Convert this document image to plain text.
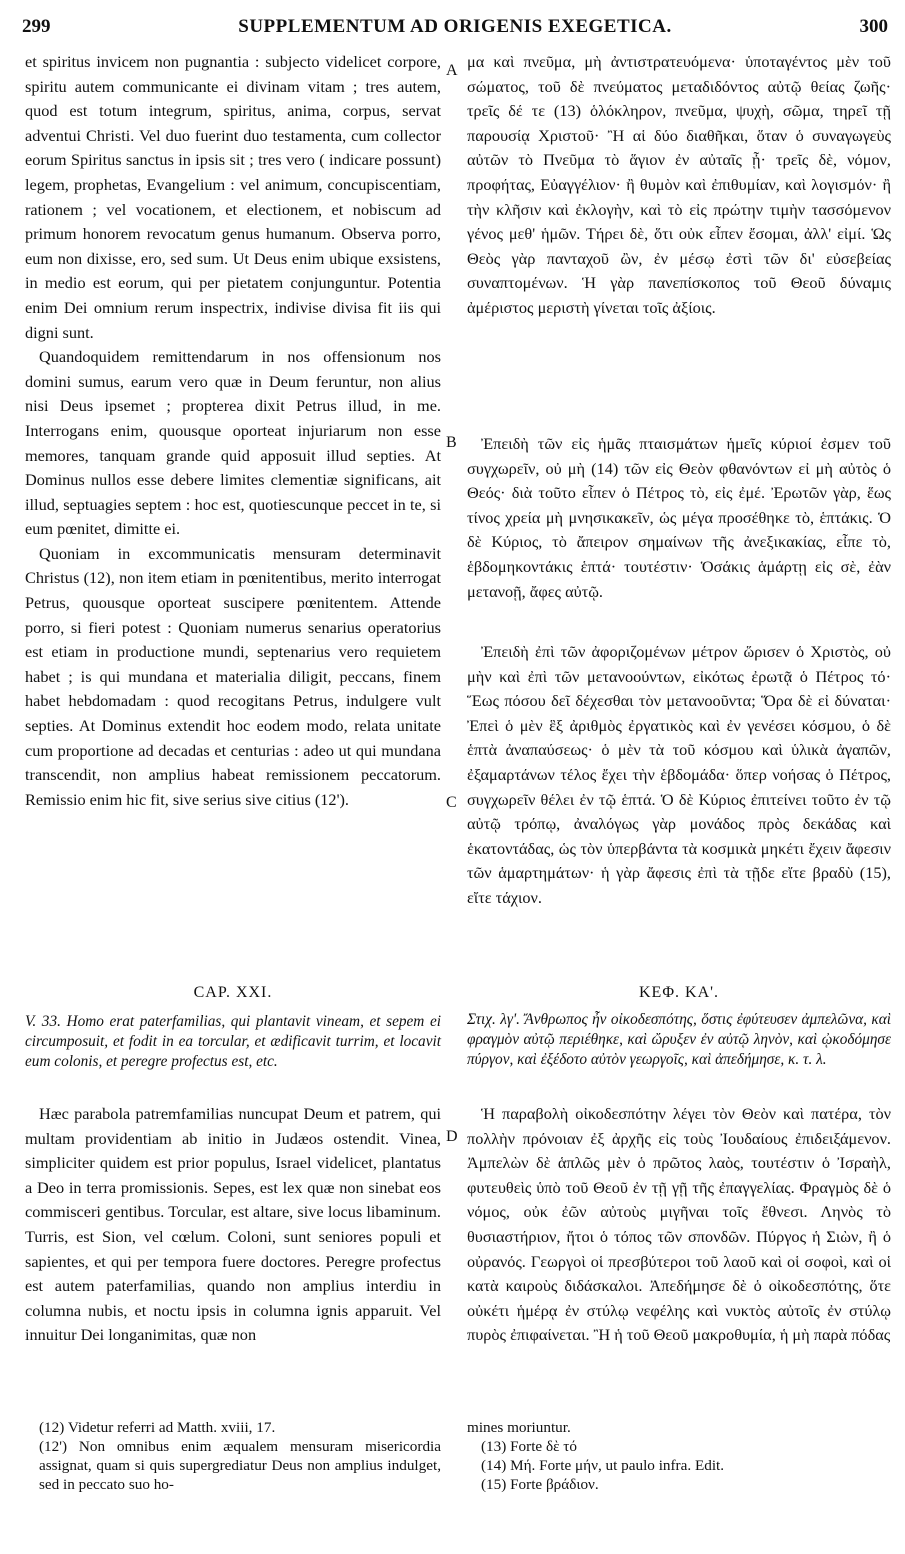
299	SUPPLEMENTUM AD ORIGENIS EXEGETICA.	300
A
B
C
D

et spiritus invicem non pugnantia : subjecto videlicet corpore, spiritu autem communicante ei divinam vitam ; tres autem, quod est totum integrum, spiritus, anima, corpus, servat adventui Christi. Vel duo fuerint duo testamenta, cum collector eorum Spiritus sanctus in ipsis sit ; tres vero ( indicare possunt) legem, prophetas, Evangelium : vel animum, concupiscentiam, rationem ; vel vocationem, et electionem, et nobiscum ad primum honorem revocatum genus humanum. Observa porro, eum non dixisse, ero, sed sum. Ut Deus enim ubique exsistens, in medio est eorum, qui per pietatem conjunguntur. Potentia enim Dei omnium rerum inspectrix, indivise divisa fit iis qui digni sunt.

Quandoquidem remittendarum in nos offensionum nos domini sumus, earum vero quæ in Deum feruntur, non alius nisi Deus ipsemet ; propterea dixit Petrus illud, in me. Interrogans enim, quousque oporteat injuriarum non esse memores, tanquam grande quid apposuit illud septies. At Dominus nullos esse debere limites clementiæ significans, ait illud, septuagies septem : hoc est, quotiescunque peccet in te, si eum pœnitet, dimitte ei.

Quoniam in excommunicatis mensuram determinavit Christus (12), non item etiam in pœnitentibus, merito interrogat Petrus, quousque oporteat suscipere pœnitentem. Attende porro, si fieri potest : Quoniam numerus senarius operatorius est etiam in productione mundi, septenarius vero requietem habet ; is qui mundana et materialia diligit, peccans, finem habet hebdomadam : quod recogitans Petrus, indulgere vult septies. At Dominus extendit hoc eodem modo, relata unitate cum proportione ad decadas et centurias : adeo ut qui mundana transcendit, non amplius habeat remissionem peccatorum. Remissio enim hic fit, sive serius sive citius (12').

CAP. XXI.
V. 33. Homo erat paterfamilias, qui plantavit vineam, et sepem ei circumposuit, et fodit in ea torcular, et ædificavit turrim, et locavit eum colonis, et peregre profectus est, etc.

Hæc parabola patremfamilias nuncupat Deum et patrem, qui multam providentiam ab initio in Judæos ostendit. Vinea, simpliciter quidem est prior populus, Israel videlicet, plantatus a Deo in terra promissionis. Sepes, est lex quæ non sinebat eos commisceri gentibus. Torcular, est altare, sive locus libaminum. Turris, est Sion, vel cœlum. Coloni, sunt seniores populi et sapientes, et qui per tempora fuere doctores. Peregre profectus est autem paterfamilias, quando non amplius interdiu in columna nubis, et noctu ipsis in columna ignis apparuit. Vel innuitur Dei longanimitas, quæ non

μα καὶ πνεῦμα, μὴ ἀντιστρατευόμενα· ὑποταγέντος μὲν τοῦ σώματος, τοῦ δὲ πνεύματος μεταδιδόντος αὐτῷ θείας ζωῆς· τρεῖς δέ τε (13) ὁλόκληρον, πνεῦμα, ψυχὴ, σῶμα, τηρεῖ τῇ παρουσίᾳ Χριστοῦ· Ἢ αἱ δύο διαθῆκαι, ὅταν ὁ συναγωγεὺς αὐτῶν τὸ Πνεῦμα τὸ ἅγιον ἐν αὐταῖς ᾖ· τρεῖς δὲ, νόμον, προφήτας, Εὐαγγέλιον· ἢ θυμὸν καὶ ἐπιθυμίαν, καὶ λογισμόν· ἢ τὴν κλῆσιν καὶ ἐκλογὴν, καὶ τὸ εἰς πρώτην τιμὴν τασσόμενον γένος μεθ' ἡμῶν. Τήρει δὲ, ὅτι οὐκ εἶπεν ἔσομαι, ἀλλ' εἰμί. Ὡς Θεὸς γὰρ πανταχοῦ ὢν, ἐν μέσῳ ἐστὶ τῶν δι' εὐσεβείας συναπτομένων. Ἡ γὰρ πανεπίσκοπος τοῦ Θεοῦ δύναμις ἀμέριστος μεριστὴ γίνεται τοῖς ἀξίοις.

Ἐπειδὴ τῶν εἰς ἡμᾶς πταισμάτων ἡμεῖς κύριοί ἐσμεν τοῦ συγχωρεῖν, οὐ μὴ (14) τῶν εἰς Θεὸν φθανόντων εἰ μὴ αὐτὸς ὁ Θεός· διὰ τοῦτο εἶπεν ὁ Πέτρος τὸ, εἰς ἐμέ. Ἐρωτῶν γὰρ, ἕως τίνος χρεία μὴ μνησικακεῖν, ὡς μέγα προσέθηκε τὸ, ἑπτάκις. Ὁ δὲ Κύριος, τὸ ἄπειρον σημαίνων τῆς ἀνεξικακίας, εἶπε τὸ, ἑβδομηκοντάκις ἑπτά· τουτέστιν· Ὁσάκις ἁμάρτῃ εἰς σὲ, ἐὰν μετανοῇ, ἄφες αὐτῷ.

Ἐπειδὴ ἐπὶ τῶν ἀφοριζομένων μέτρον ὥρισεν ὁ Χριστὸς, οὐ μὴν καὶ ἐπὶ τῶν μετανοούντων, εἰκότως ἐρωτᾷ ὁ Πέτρος τό· Ἕως πόσου δεῖ δέχεσθαι τὸν μετανοοῦντα; Ὅρα δὲ εἰ δύναται· Ἐπεὶ ὁ μὲν ἓξ ἀριθμὸς ἐργατικὸς καὶ ἐν γενέσει κόσμου, ὁ δὲ ἑπτὰ ἀναπαύσεως· ὁ μὲν τὰ τοῦ κόσμου καὶ ὑλικὰ ἀγαπῶν, ἐξαμαρτάνων τέλος ἔχει τὴν ἑβδομάδα· ὅπερ νοήσας ὁ Πέτρος, συγχωρεῖν θέλει ἐν τῷ ἑπτά. Ὁ δὲ Κύριος ἐπιτείνει τοῦτο ἐν τῷ αὐτῷ τρόπῳ, ἀναλόγως γὰρ μονάδος πρὸς δεκάδας καὶ ἑκατοντάδας, ὡς τὸν ὑπερβάντα τὰ κοσμικὰ μηκέτι ἔχειν ἄφεσιν τῶν ἁμαρτημάτων· ἡ γὰρ ἄφεσις ἐπὶ τὰ τῇδε εἴτε βραδὺ (15), εἴτε τάχιον.

ΚΕΦ. ΚΑ'.
Στιχ. λγ'. Ἄνθρωπος ἦν οἰκοδεσπότης, ὅστις ἐφύτευσεν ἀμπελῶνα, καὶ φραγμὸν αὐτῷ περιέθηκε, καὶ ὤρυξεν ἐν αὐτῷ ληνὸν, καὶ ᾠκοδόμησε πύργον, καὶ ἐξέδοτο αὐτὸν γεωργοῖς, καὶ ἀπεδήμησε, κ. τ. λ.

Ἡ παραβολὴ οἰκοδεσπότην λέγει τὸν Θεὸν καὶ πατέρα, τὸν πολλὴν πρόνοιαν ἐξ ἀρχῆς εἰς τοὺς Ἰουδαίους ἐπιδειξάμενον. Ἀμπελὼν δὲ ἁπλῶς μὲν ὁ πρῶτος λαὸς, τουτέστιν ὁ Ἰσραὴλ, φυτευθεὶς ὑπὸ τοῦ Θεοῦ ἐν τῇ γῇ τῆς ἐπαγγελίας. Φραγμὸς δὲ ὁ νόμος, οὐκ ἐῶν αὐτοὺς μιγῆναι τοῖς ἔθνεσι. Ληνὸς τὸ θυσιαστήριον, ἤτοι ὁ τόπος τῶν σπονδῶν. Πύργος ἡ Σιὼν, ἢ ὁ οὐρανός. Γεωργοὶ οἱ πρεσβύτεροι τοῦ λαοῦ καὶ οἱ σοφοὶ, καὶ οἱ κατὰ καιροὺς διδάσκαλοι. Ἀπεδήμησε δὲ ὁ οἰκοδεσπότης, ὅτε οὐκέτι ἡμέρᾳ ἐν στύλῳ νεφέλης καὶ νυκτὸς αὐτοῖς ἐν στύλῳ πυρὸς ἐπιφαίνεται. Ἢ ἡ τοῦ Θεοῦ μακροθυμία, ἡ μὴ παρὰ πόδας

(12) Videtur referri ad Matth. xviii, 17.

(12') Non omnibus enim æqualem mensuram misericordia assignat, quam si quis supergrediatur Deus non amplius indulget, sed in peccato suo ho-

mines moriuntur.

(13) Forte δὲ τό

(14) Μή. Forte μήν, ut paulo infra. Edit.

(15) Forte βράδιον.
